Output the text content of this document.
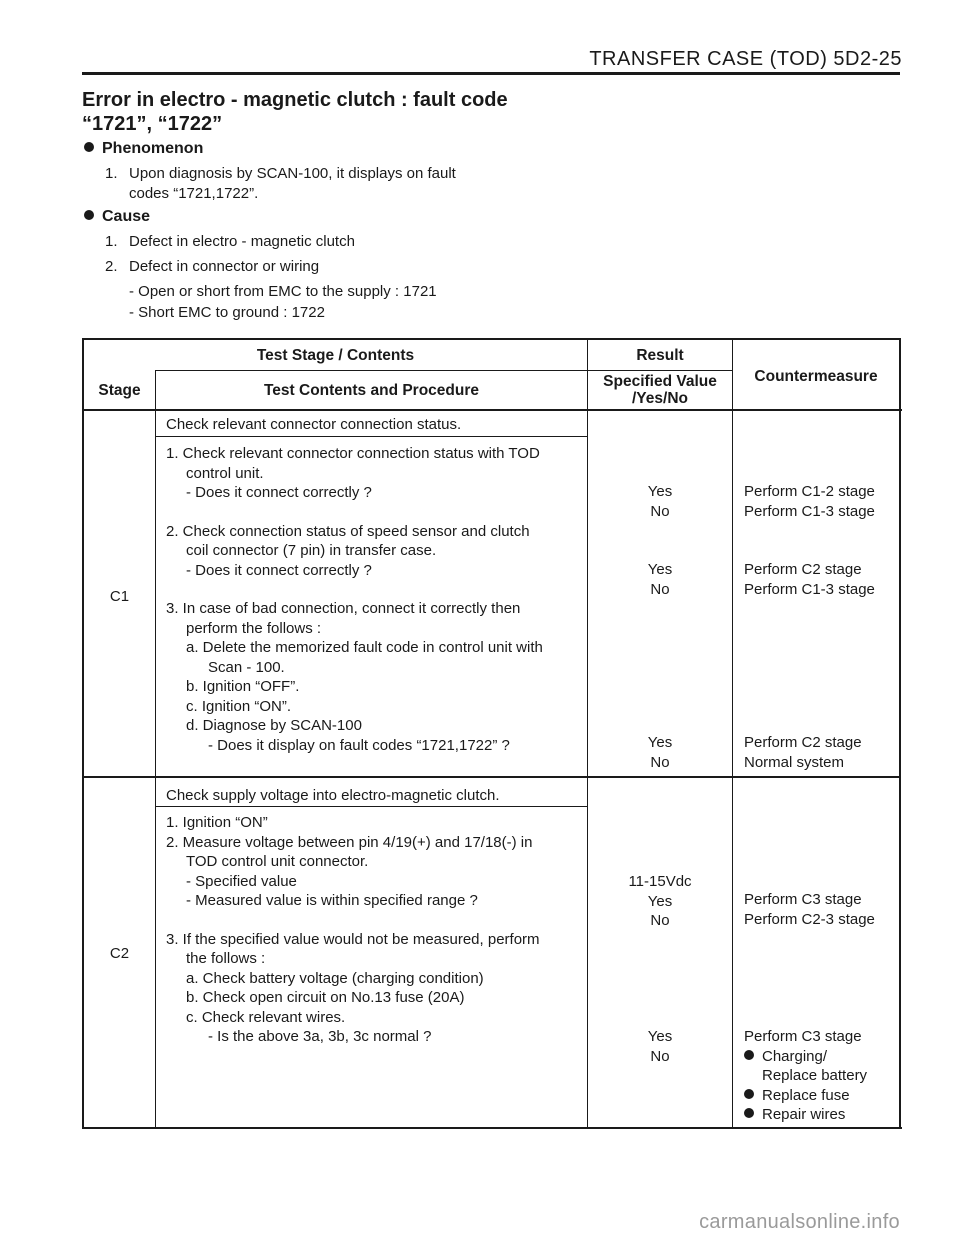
TRANSFER CASE (TOD) 5D2-25
Error in electro - magnetic clutch : fault code
“1721”, “1722”
Phenomenon
1. Upon diagnosis by SCAN-100, it displays on fault
codes “1721,1722”.
Cause
1. Defect in electro - magnetic clutch
2. Defect in connector or wiring
- Open or short from EMC to the supply : 1721
- Short EMC to ground : 1722
Test Stage / Contents	Result
Countermeasure
Stage	Test Contents and Procedure
Specified Value
/Yes/No
C1
Check relevant connector connection status.
1. Check relevant connector connection status with TOD
control unit.
- Does it connect correctly ?
2. Check connection status of speed sensor and clutch
coil connector (7 pin) in transfer case.
- Does it connect correctly ?
3. In case of bad connection, connect it correctly then
perform the follows :
a. Delete the memorized fault code in control unit with
Scan - 100.
b. Ignition “OFF”.
c. Ignition “ON”.
d. Diagnose by SCAN-100
- Does it display on fault codes “1721,1722” ?
Yes
No
Yes
No
Yes
No
Perform C1-2 stage
Perform C1-3 stage
Perform C2 stage
Perform C1-3 stage
Perform C2 stage
Normal system
C2
Check supply voltage into electro-magnetic clutch.
1. Ignition “ON”
2. Measure voltage between pin 4/19(+) and 17/18(-) in
TOD control unit connector.
- Specified value
- Measured value is within specified range ?
3. If the specified value would not be measured, perform
the follows :
a. Check battery voltage (charging condition)
b. Check open circuit on No.13 fuse (20A)
c. Check relevant wires.
- Is the above 3a, 3b, 3c normal ?
11-15Vdc
Yes
No
Yes
No
Perform C3 stage
Perform C2-3 stage
Perform C3 stage
Charging/
Replace battery
Replace fuse
Repair wires
carmanualsonline.info
